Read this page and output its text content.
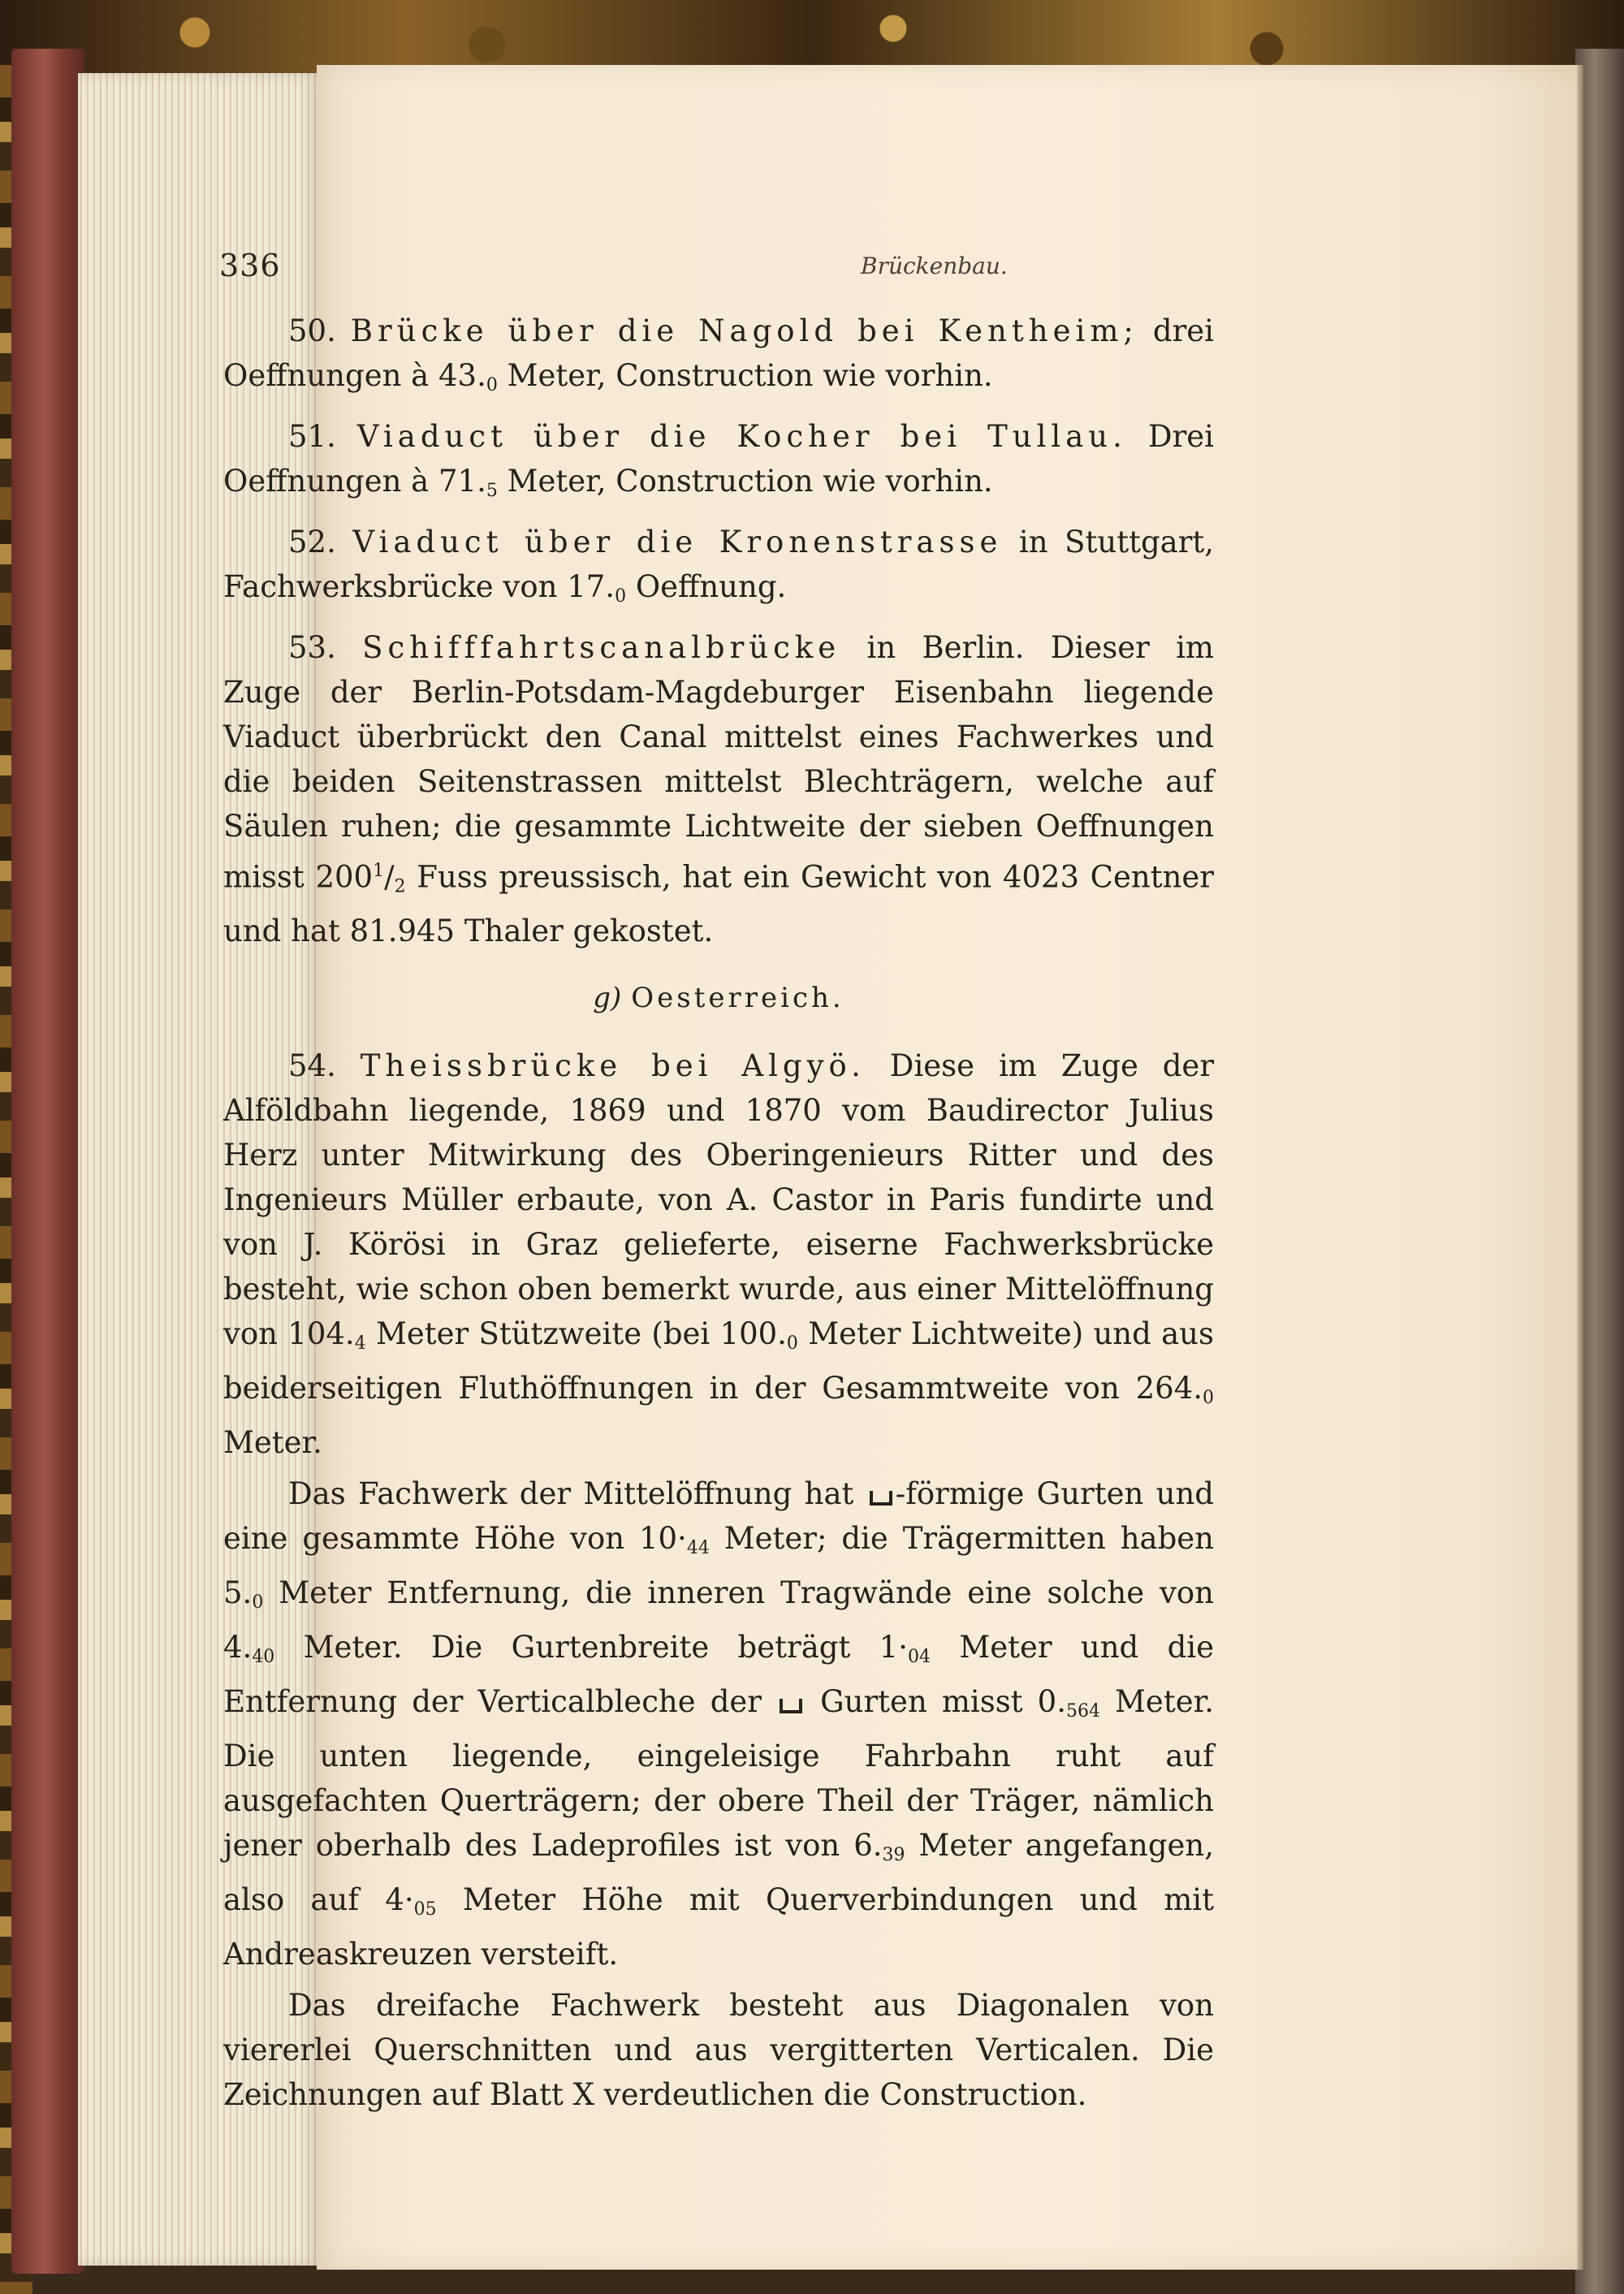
336	Brückenbau.

50. Brücke über die Nagold bei Kentheim; drei Oeffnungen à $43._0$ Meter, Construction wie vorhin.

51. Viaduct über die Kocher bei Tullau. Drei Oeffnungen à $71._5$ Meter, Construction wie vorhin.

52. Viaduct über die Kronenstrasse in Stuttgart, Fachwerksbrücke von $17._0$ Oeffnung.

53. Schifffahrtscanalbrücke in Berlin. Dieser im Zuge der Berlin-Potsdam-Magdeburger Eisenbahn liegende Viaduct überbrückt den Canal mittelst eines Fachwerkes und die beiden Seitenstrassen mittelst Blechträgern, welche auf Säulen ruhen; die gesammte Lichtweite der sieben Oeffnungen misst $200^1/_2$ Fuss preussisch, hat ein Gewicht von 4023 Centner und hat 81.945 Thaler gekostet.

g) Oesterreich.

54. Theissbrücke bei Algyö. Diese im Zuge der Alföldbahn liegende, 1869 und 1870 vom Baudirector Julius Herz unter Mitwirkung des Oberingenieurs Ritter und des Ingenieurs Müller erbaute, von A. Castor in Paris fundirte und von J. Körösi in Graz gelieferte, eiserne Fachwerksbrücke besteht, wie schon oben bemerkt wurde, aus einer Mittelöffnung von $104._4$ Meter Stützweite (bei $100._0$ Meter Lichtweite) und aus beiderseitigen Fluthöffnungen in der Gesammtweite von $264._0$ Meter.

Das Fachwerk der Mittelöffnung hat -förmige Gurten und eine gesammte Höhe von $10\cdot_{44}$ Meter; die Trägermitten haben $5._0$ Meter Entfernung, die inneren Tragwände eine solche von $4._{40}$ Meter. Die Gurtenbreite beträgt $1\cdot_{04}$ Meter und die Entfernung der Verticalbleche der  Gurten misst $0._{564}$ Meter. Die unten liegende, eingeleisige Fahrbahn ruht auf ausgefachten Querträgern; der obere Theil der Träger, nämlich jener oberhalb des Ladeprofiles ist von $6._{39}$ Meter angefangen, also auf $4\cdot_{05}$ Meter Höhe mit Querverbindungen und mit Andreaskreuzen versteift.

Das dreifache Fachwerk besteht aus Diagonalen von viererlei Querschnitten und aus vergitterten Verticalen. Die Zeichnungen auf Blatt X verdeutlichen die Construction.
